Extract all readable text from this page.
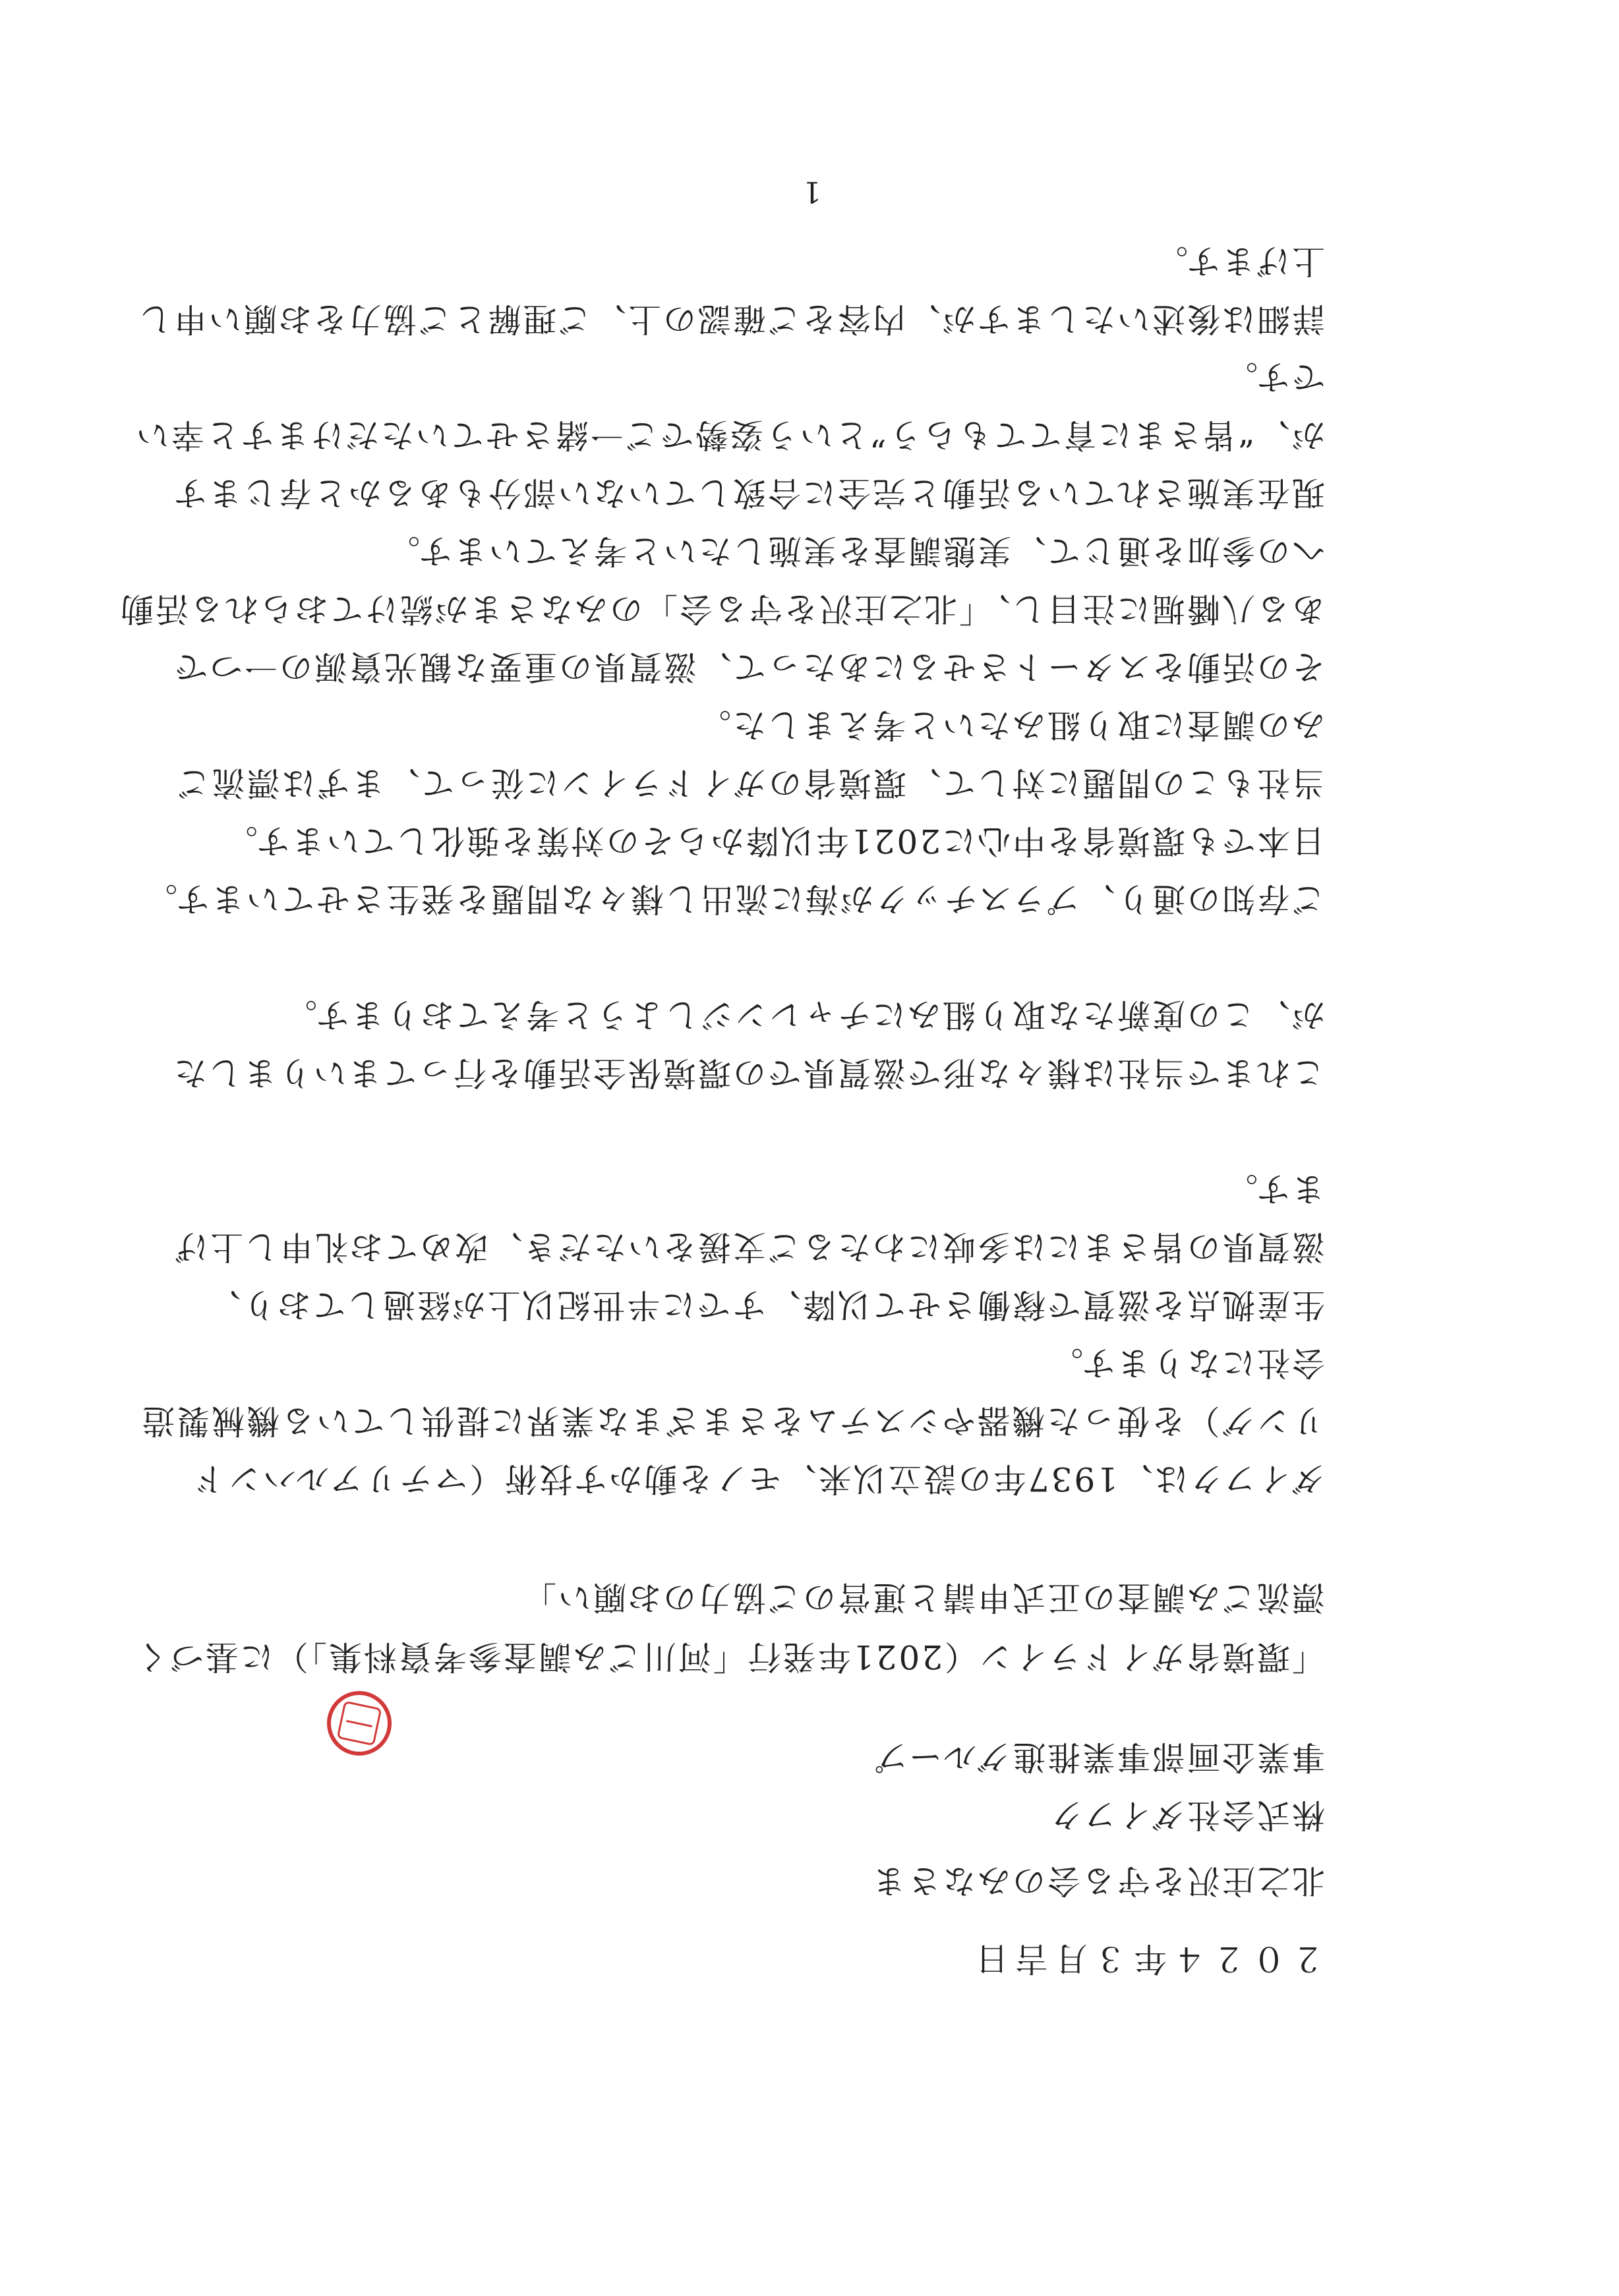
２０２４年３月吉日
北之庄沢を守る会のみなさま
株式会社ダイフク
事業企画部事業推進グループ
「環境省ガイドライン（2021年発行「河川ごみ調査参考資料集」）に基づく
漂流ごみ調査の正式申請と運営のご協力のお願い」
ダイフクは、1937年の設立以来、モノを動かす技術（マテリアルハンド
リング）を使った機器やシステムをさまざまな業界に提供している機械製造
会社になります。
生産拠点を滋賀で稼働させて以降、すでに半世紀以上が経過しており、
滋賀県の皆さまには多岐にわたるご支援をいただき、改めてお礼申し上げ
ます。
これまで当社は様々な形で滋賀県での環境保全活動を行ってまいりました
が、この度新たな取り組みにチャレンジしようと考えております。
ご存知の通り、プラスチックが海に流出し様々な問題を発生させています。
日本でも環境省を中心に2021年以降からその対策を強化しています。
当社もこの問題に対して、環境省のガイドラインに従って、まずは漂流ご
みの調査に取り組みたいと考えました。
その活動をスタートさせるにあたって、滋賀県の重要な観光資源の一つで
ある八幡堀に注目し、「北之庄沢を守る会」のみなさまが続けておられる活動
への参加を通じて、実態調査を実施したいと考えています。
現在実施されている活動と完全に合致していない部分もあるかと存じます
が、“皆さまに育ててもらう”という姿勢でご一緒させていただけますと幸い
です。
詳細は後述いたしますが、内容をご確認の上、ご理解とご協力をお願い申し
上げます。
1
